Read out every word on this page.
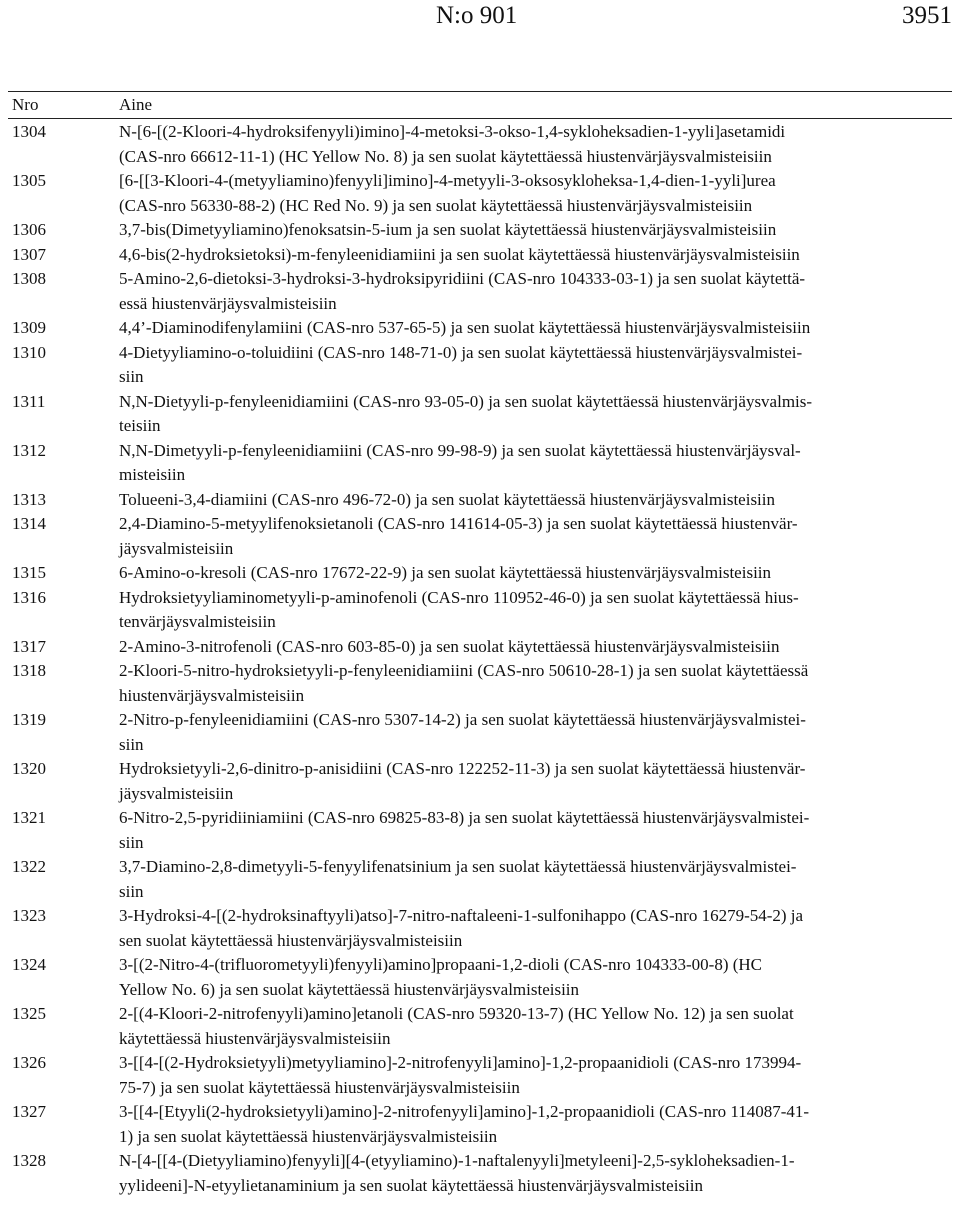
N:o 901	3951
Nro	Aine
1304	N-[6-[(2-Kloori-4-hydroksifenyyli)imino]-4-metoksi-3-okso-1,4-sykloheksadien-1-yyli]asetamidi
(CAS-nro 66612-11-1) (HC Yellow No. 8) ja sen suolat käytettäessä hiustenvärjäysvalmisteisiin
1305	[6-[[3-Kloori-4-(metyyliamino)fenyyli]imino]-4-metyyli-3-oksosykloheksa-1,4-dien-1-yyli]urea
(CAS-nro 56330-88-2) (HC Red No. 9) ja sen suolat käytettäessä hiustenvärjäysvalmisteisiin
1306	3,7-bis(Dimetyyliamino)fenoksatsin-5-ium ja sen suolat käytettäessä hiustenvärjäysvalmisteisiin
1307	4,6-bis(2-hydroksietoksi)-m-fenyleenidiamiini ja sen suolat käytettäessä hiustenvärjäysvalmisteisiin
1308	5-Amino-2,6-dietoksi-3-hydroksi-3-hydroksipyridiini (CAS-nro 104333-03-1) ja sen suolat käytettä-
essä hiustenvärjäysvalmisteisiin
1309	4,4’-Diaminodifenylamiini (CAS-nro 537-65-5) ja sen suolat käytettäessä hiustenvärjäysvalmisteisiin
1310	4-Dietyyliamino-o-toluidiini (CAS-nro 148-71-0) ja sen suolat käytettäessä hiustenvärjäysvalmistei-
siin
1311	N,N-Dietyyli-p-fenyleenidiamiini (CAS-nro 93-05-0) ja sen suolat käytettäessä hiustenvärjäysvalmis-
teisiin
1312	N,N-Dimetyyli-p-fenyleenidiamiini (CAS-nro 99-98-9) ja sen suolat käytettäessä hiustenvärjäysval-
misteisiin
1313	Tolueeni-3,4-diamiini (CAS-nro 496-72-0) ja sen suolat käytettäessä hiustenvärjäysvalmisteisiin
1314	2,4-Diamino-5-metyylifenoksietanoli (CAS-nro 141614-05-3) ja sen suolat käytettäessä hiustenvär-
jäysvalmisteisiin
1315	6-Amino-o-kresoli (CAS-nro 17672-22-9) ja sen suolat käytettäessä hiustenvärjäysvalmisteisiin
1316	Hydroksietyyliaminometyyli-p-aminofenoli (CAS-nro 110952-46-0) ja sen suolat käytettäessä hius-
tenvärjäysvalmisteisiin
1317	2-Amino-3-nitrofenoli (CAS-nro 603-85-0) ja sen suolat käytettäessä hiustenvärjäysvalmisteisiin
1318	2-Kloori-5-nitro-hydroksietyyli-p-fenyleenidiamiini (CAS-nro 50610-28-1) ja sen suolat käytettäessä
hiustenvärjäysvalmisteisiin
1319	2-Nitro-p-fenyleenidiamiini (CAS-nro 5307-14-2) ja sen suolat käytettäessä hiustenvärjäysvalmistei-
siin
1320	Hydroksietyyli-2,6-dinitro-p-anisidiini (CAS-nro 122252-11-3) ja sen suolat käytettäessä hiustenvär-
jäysvalmisteisiin
1321	6-Nitro-2,5-pyridiiniamiini (CAS-nro 69825-83-8) ja sen suolat käytettäessä hiustenvärjäysvalmistei-
siin
1322	3,7-Diamino-2,8-dimetyyli-5-fenyylifenatsinium ja sen suolat käytettäessä hiustenvärjäysvalmistei-
siin
1323	3-Hydroksi-4-[(2-hydroksinaftyyli)atso]-7-nitro-naftaleeni-1-sulfonihappo (CAS-nro 16279-54-2) ja
sen suolat käytettäessä hiustenvärjäysvalmisteisiin
1324	3-[(2-Nitro-4-(trifluorometyyli)fenyyli)amino]propaani-1,2-dioli (CAS-nro 104333-00-8) (HC
Yellow No. 6) ja sen suolat käytettäessä hiustenvärjäysvalmisteisiin
1325	2-[(4-Kloori-2-nitrofenyyli)amino]etanoli (CAS-nro 59320-13-7) (HC Yellow No. 12) ja sen suolat
käytettäessä hiustenvärjäysvalmisteisiin
1326	3-[[4-[(2-Hydroksietyyli)metyyliamino]-2-nitrofenyyli]amino]-1,2-propaanidioli (CAS-nro 173994-
75-7) ja sen suolat käytettäessä hiustenvärjäysvalmisteisiin
1327	3-[[4-[Etyyli(2-hydroksietyyli)amino]-2-nitrofenyyli]amino]-1,2-propaanidioli (CAS-nro 114087-41-
1) ja sen suolat käytettäessä hiustenvärjäysvalmisteisiin
1328	N-[4-[[4-(Dietyyliamino)fenyyli][4-(etyyliamino)-1-naftalenyyli]metyleeni]-2,5-sykloheksadien-1-
yylideeni]-N-etyylietanaminium ja sen suolat käytettäessä hiustenvärjäysvalmisteisiin
